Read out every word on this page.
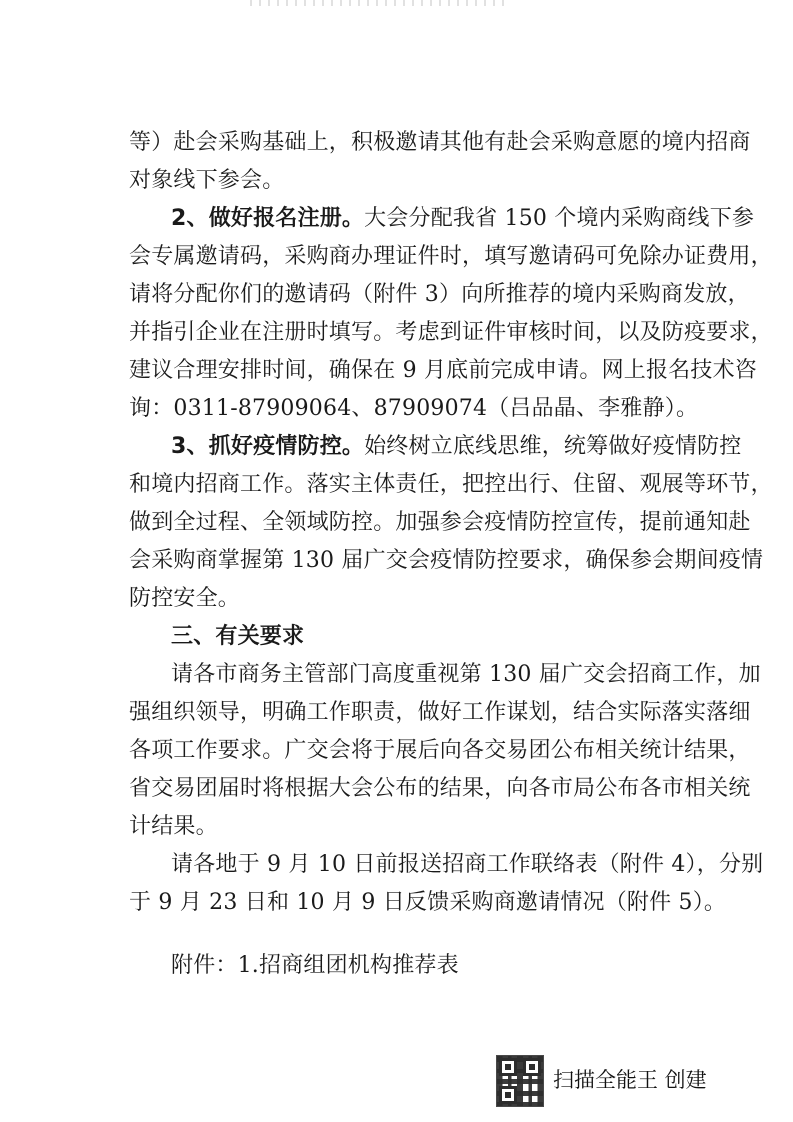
等）赴会采购基础上，积极邀请其他有赴会采购意愿的境内招商
对象线下参会。
2、做好报名注册。大会分配我省 150 个境内采购商线下参
会专属邀请码，采购商办理证件时，填写邀请码可免除办证费用，
请将分配你们的邀请码（附件 3）向所推荐的境内采购商发放，
并指引企业在注册时填写。考虑到证件审核时间，以及防疫要求，
建议合理安排时间，确保在 9 月底前完成申请。网上报名技术咨
询：0311-87909064、87909074（吕品晶、李雅静）。
3、抓好疫情防控。始终树立底线思维，统筹做好疫情防控
和境内招商工作。落实主体责任，把控出行、住留、观展等环节，
做到全过程、全领域防控。加强参会疫情防控宣传，提前通知赴
会采购商掌握第 130 届广交会疫情防控要求，确保参会期间疫情
防控安全。
三、有关要求
请各市商务主管部门高度重视第 130 届广交会招商工作，加
强组织领导，明确工作职责，做好工作谋划，结合实际落实落细
各项工作要求。广交会将于展后向各交易团公布相关统计结果，
省交易团届时将根据大会公布的结果，向各市局公布各市相关统
计结果。
请各地于 9 月 10 日前报送招商工作联络表（附件 4），分别
于 9 月 23 日和 10 月 9 日反馈采购商邀请情况（附件 5）。
附件：1.招商组团机构推荐表
扫描全能王 创建
